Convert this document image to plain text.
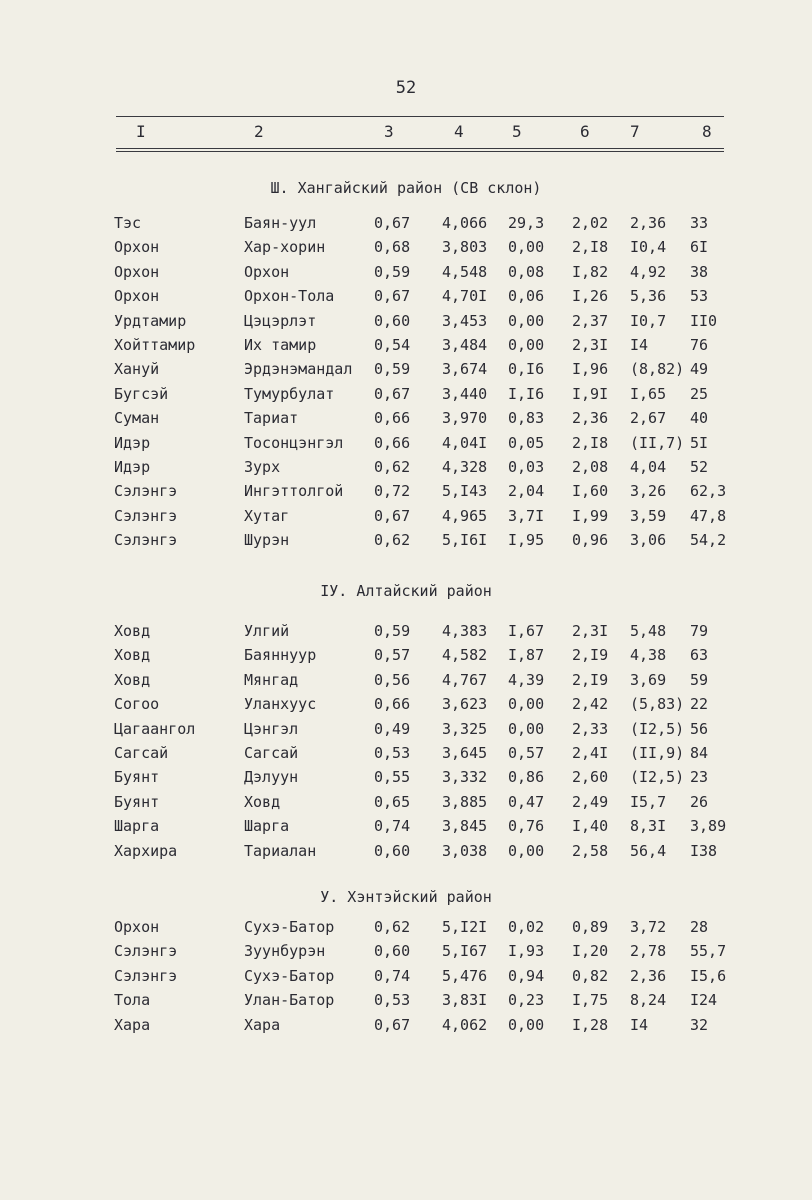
52
I	2	3	4	5	6	7	8
Ш. Хангайский район (СВ склон)
Тэс	Баян-уул	0,67 4,066 29,3 2,02 2,36 33
Орхон	Хар-хорин	0,68 3,803 0,00 2,I8 I0,4 6I
Орхон	Орхон	0,59 4,548 0,08 I,82 4,92 38
Орхон	Орхон-Тола	0,67 4,70I 0,06 I,26 5,36 53
Урдтамир	Цэцэрлэт	0,60 3,453 0,00 2,37 I0,7 II0
Хойттамир	Их тамир	0,54 3,484 0,00 2,3I I4	76
Хануй	Эрдэнэмандал 0,59 3,674 0,I6 I,96 (8,82) 49
Бугсэй	Тумурбулат	0,67 3,440 I,I6 I,9I I,65 25
Суман	Тариат	0,66 3,970 0,83 2,36 2,67 40
Идэр	Тосонцэнгэл 0,66 4,04I 0,05 2,I8 (II,7) 5I
Идэр	Зурх	0,62 4,328 0,03 2,08 4,04 52
Сэлэнгэ	Ингэттолгой 0,72 5,I43 2,04 I,60 3,26 62,3
Сэлэнгэ	Хутаг	0,67 4,965 3,7I I,99 3,59 47,8
Сэлэнгэ	Шурэн	0,62 5,I6I I,95 0,96 3,06 54,2
IУ. Алтайский район
Ховд	Улгий	0,59 4,383 I,67 2,3I 5,48 79
Ховд	Баяннуур	0,57 4,582 I,87 2,I9 4,38 63
Ховд	Мянгад	0,56 4,767 4,39 2,I9 3,69 59
Согоо	Уланхуус	0,66 3,623 0,00 2,42 (5,83) 22
Цагаангол	Цэнгэл	0,49 3,325 0,00 2,33 (I2,5) 56
Сагсай	Сагсай	0,53 3,645 0,57 2,4I (II,9) 84
Буянт	Дэлуун	0,55 3,332 0,86 2,60 (I2,5) 23
Буянт	Ховд	0,65 3,885 0,47 2,49 I5,7 26
Шарга	Шарга	0,74 3,845 0,76 I,40 8,3I 3,89
Хархира	Тариалан	0,60 3,038 0,00 2,58 56,4 I38
У. Хэнтэйский район
Орхон	Сухэ-Батор	0,62 5,I2I 0,02 0,89 3,72 28
Сэлэнгэ	Зуунбурэн	0,60 5,I67 I,93 I,20 2,78 55,7
Сэлэнгэ	Сухэ-Батор	0,74 5,476 0,94 0,82 2,36 I5,6
Тола	Улан-Батор	0,53 3,83I 0,23 I,75 8,24 I24
Хара	Хара	0,67 4,062 0,00 I,28 I4	32
